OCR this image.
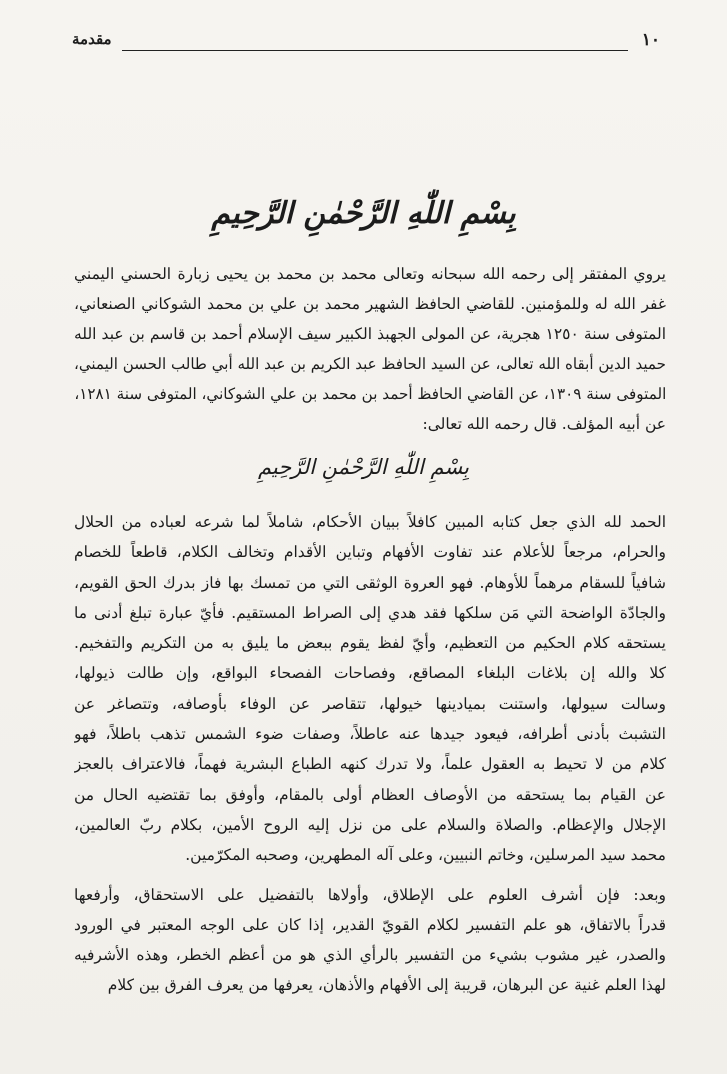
١٠
مقدمة
بِسْمِ اللّٰهِ الرَّحْمٰنِ الرَّحِيمِ
يروي المفتقر إلى رحمه الله سبحانه وتعالى محمد بن محمد بن يحيى زبارة الحسني اليمني
غفر الله له وللمؤمنين. للقاضي الحافظ الشهير محمد بن علي بن محمد الشوكاني الصنعاني،
المتوفى سنة ١٢٥٠ هجرية، عن المولى الجهبذ الكبير سيف الإسلام أحمد بن قاسم بن عبد الله
حميد الدين أبقاه الله تعالى، عن السيد الحافظ عبد الكريم بن عبد الله أبي طالب الحسن اليمني،
المتوفى سنة ١٣٠٩، عن القاضي الحافظ أحمد بن محمد بن علي الشوكاني، المتوفى سنة ١٢٨١،
عن أبيه المؤلف. قال رحمه الله تعالى:
بِسْمِ اللّٰهِ الرَّحْمٰنِ الرَّحِيمِ
الحمد لله الذي جعل كتابه المبين كافلاً ببيان الأحكام، شاملاً لما شرعه لعباده من الحلال
والحرام، مرجعاً للأعلام عند تفاوت الأفهام وتباين الأقدام وتخالف الكلام، قاطعاً للخصام
شافياً للسقام مرهماً للأوهام. فهو العروة الوثقى التي من تمسك بها فاز بدرك الحق القويم،
والجادّة الواضحة التي مَن سلكها فقد هدي إلى الصراط المستقيم. فأيّ عبارة تبلغ أدنى ما
يستحقه كلام الحكيم من التعظيم، وأيّ لفظ يقوم ببعض ما يليق به من التكريم والتفخيم.
كلا والله إن بلاغات البلغاء المصاقع، وفصاحات الفصحاء البواقع، وإن طالت ذيولها،
وسالت سيولها، واستنت بميادينها خيولها، تتقاصر عن الوفاء بأوصافه، وتتصاغر عن
التشبث بأدنى أطرافه، فيعود جيدها عنه عاطلاً، وصفات ضوء الشمس تذهب باطلاً، فهو
كلام من لا تحيط به العقول علماً، ولا تدرك كنهه الطباع البشرية فهماً، فالاعتراف بالعجز
عن القيام بما يستحقه من الأوصاف العظام أولى بالمقام، وأوفق بما تقتضيه الحال من
الإجلال والإعظام. والصلاة والسلام على من نزل إليه الروح الأمين، بكلام ربّ العالمين،
محمد سيد المرسلين، وخاتم النبيين، وعلى آله المطهرين، وصحبه المكرّمين.
وبعد: فإن أشرف العلوم على الإطلاق، وأولاها بالتفضيل على الاستحقاق، وأرفعها
قدراً بالاتفاق، هو علم التفسير لكلام القويّ القدير، إذا كان على الوجه المعتبر في الورود
والصدر، غير مشوب بشيء من التفسير بالرأي الذي هو من أعظم الخطر، وهذه الأشرفيه
لهذا العلم غنية عن البرهان، قريبة إلى الأفهام والأذهان، يعرفها من يعرف الفرق بين كلام
